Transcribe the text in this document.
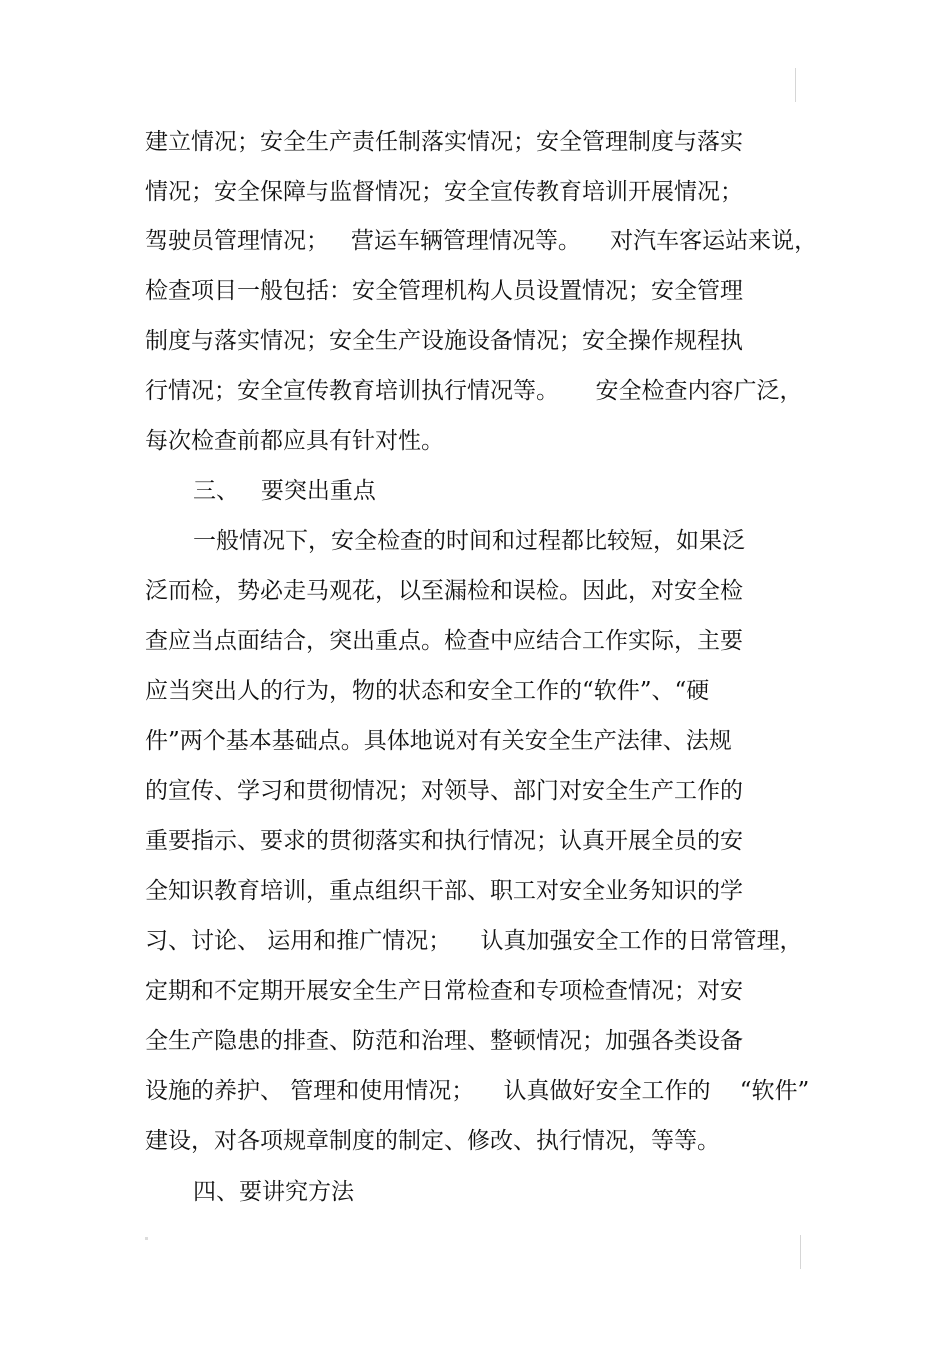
建立情况；安全生产责任制落实情况；安全管理制度与落实
情况；安全保障与监督情况；安全宣传教育培训开展情况；
驾驶员管理情况；   营运车辆管理情况等。    对汽车客运站来说，
检查项目一般包括：安全管理机构人员设置情况；安全管理
制度与落实情况；安全生产设施设备情况；安全操作规程执
行情况；安全宣传教育培训执行情况等。     安全检查内容广泛，
每次检查前都应具有针对性。
三、   要突出重点
一般情况下，安全检查的时间和过程都比较短，如果泛
泛而检，势必走马观花，以至漏检和误检。因此，对安全检
查应当点面结合，突出重点。检查中应结合工作实际，主要
应当突出人的行为，物的状态和安全工作的“软件”、“硬
件”两个基本基础点。具体地说对有关安全生产法律、法规
的宣传、学习和贯彻情况；对领导、部门对安全生产工作的
重要指示、要求的贯彻落实和执行情况；认真开展全员的安
全知识教育培训，重点组织干部、职工对安全业务知识的学
习、讨论、 运用和推广情况；    认真加强安全工作的日常管理，
定期和不定期开展安全生产日常检查和专项检查情况；对安
全生产隐患的排查、防范和治理、整顿情况；加强各类设备
设施的养护、 管理和使用情况；    认真做好安全工作的    “软件”
建设，对各项规章制度的制定、修改、执行情况，等等。
四、要讲究方法
